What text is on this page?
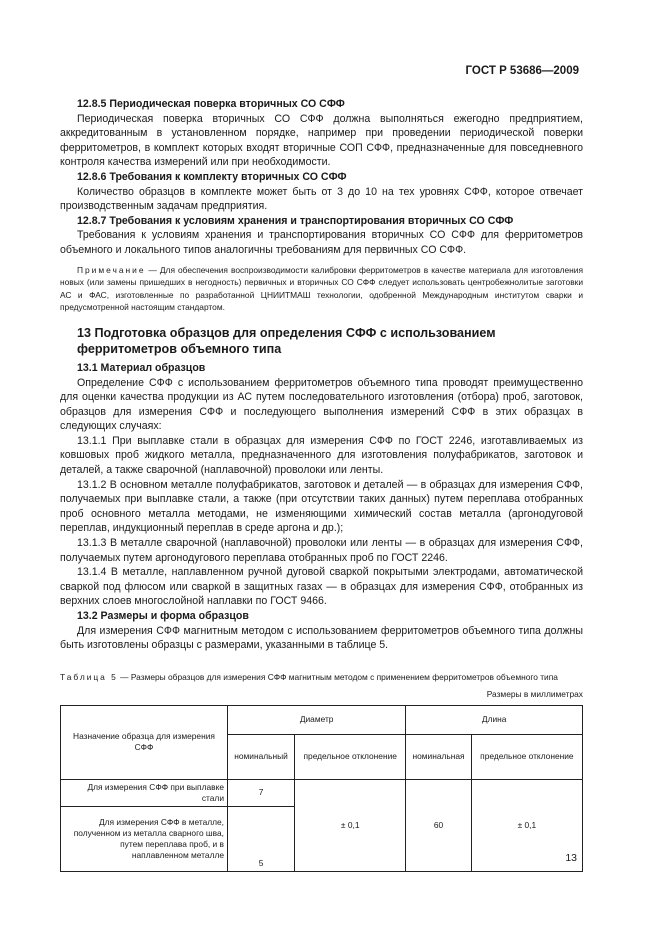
ГОСТ Р 53686—2009

12.8.5 Периодическая поверка вторичных СО СФФ

Периодическая поверка вторичных СО СФФ должна выполняться ежегодно предприятием, аккредитованным в установленном порядке, например при проведении периодической поверки ферритометров, в комплект которых входят вторичные СОП СФФ, предназначенные для повседневного контроля качества измерений или при необходимости.

12.8.6 Требования к комплекту вторичных СО СФФ

Количество образцов в комплекте может быть от 3 до 10 на тех уровнях СФФ, которое отвечает производственным задачам предприятия.

12.8.7 Требования к условиям хранения и транспортирования вторичных СО СФФ

Требования к условиям хранения и транспортирования вторичных СО СФФ для ферритометров объемного и локального типов аналогичны требованиям для первичных СО СФФ.

Примечание — Для обеспечения воспроизводимости калибровки ферритометров в качестве материала для изготовления новых (или замены пришедших в негодность) первичных и вторичных СО СФФ следует использовать центробежнолитые заготовки АС и ФАС, изготовленные по разработанной ЦНИИТМАШ технологии, одобренной Международным институтом сварки и предусмотренной настоящим стандартом.

13 Подготовка образцов для определения СФФ с использованием ферритометров объемного типа

13.1 Материал образцов

Определение СФФ с использованием ферритометров объемного типа проводят преимущественно для оценки качества продукции из АС путем последовательного изготовления (отбора) проб, заготовок, образцов для измерения СФФ и последующего выполнения измерений СФФ в этих образцах в следующих случаях:

13.1.1 При выплавке стали в образцах для измерения СФФ по ГОСТ 2246, изготавливаемых из ковшовых проб жидкого металла, предназначенного для изготовления полуфабрикатов, заготовок и деталей, а также сварочной (наплавочной) проволоки или ленты.

13.1.2 В основном металле полуфабрикатов, заготовок и деталей — в образцах для измерения СФФ, получаемых при выплавке стали, а также (при отсутствии таких данных) путем переплава отобранных проб основного металла методами, не изменяющими химический состав металла (аргонодуговой переплав, индукционный переплав в среде аргона и др.);

13.1.3 В металле сварочной (наплавочной) проволоки или ленты — в образцах для измерения СФФ, получаемых путем аргонодугового переплава отобранных проб по ГОСТ 2246.

13.1.4 В металле, наплавленном ручной дуговой сваркой покрытыми электродами, автоматической сваркой под флюсом или сваркой в защитных газах — в образцах для измерения СФФ, отобранных из верхних слоев многослойной наплавки по ГОСТ 9466.

13.2 Размеры и форма образцов

Для измерения СФФ магнитным методом с использованием ферритометров объемного типа должны быть изготовлены образцы с размерами, указанными в таблице 5.

Таблица 5 — Размеры образцов для измерения СФФ магнитным методом с применением ферритометров объемного типа

Размеры в миллиметрах

Назначение образца для измерения СФФ	Диаметр		Длина	
	номинальный	предельное отклонение	номинальная	предельное отклонение
Для измерения СФФ при выплавке стали	7	± 0,1	60	± 0,1
Для измерения СФФ в металле, полученном из металла сварного шва, путем переплава проб, и в наплавленном металле	5				13
